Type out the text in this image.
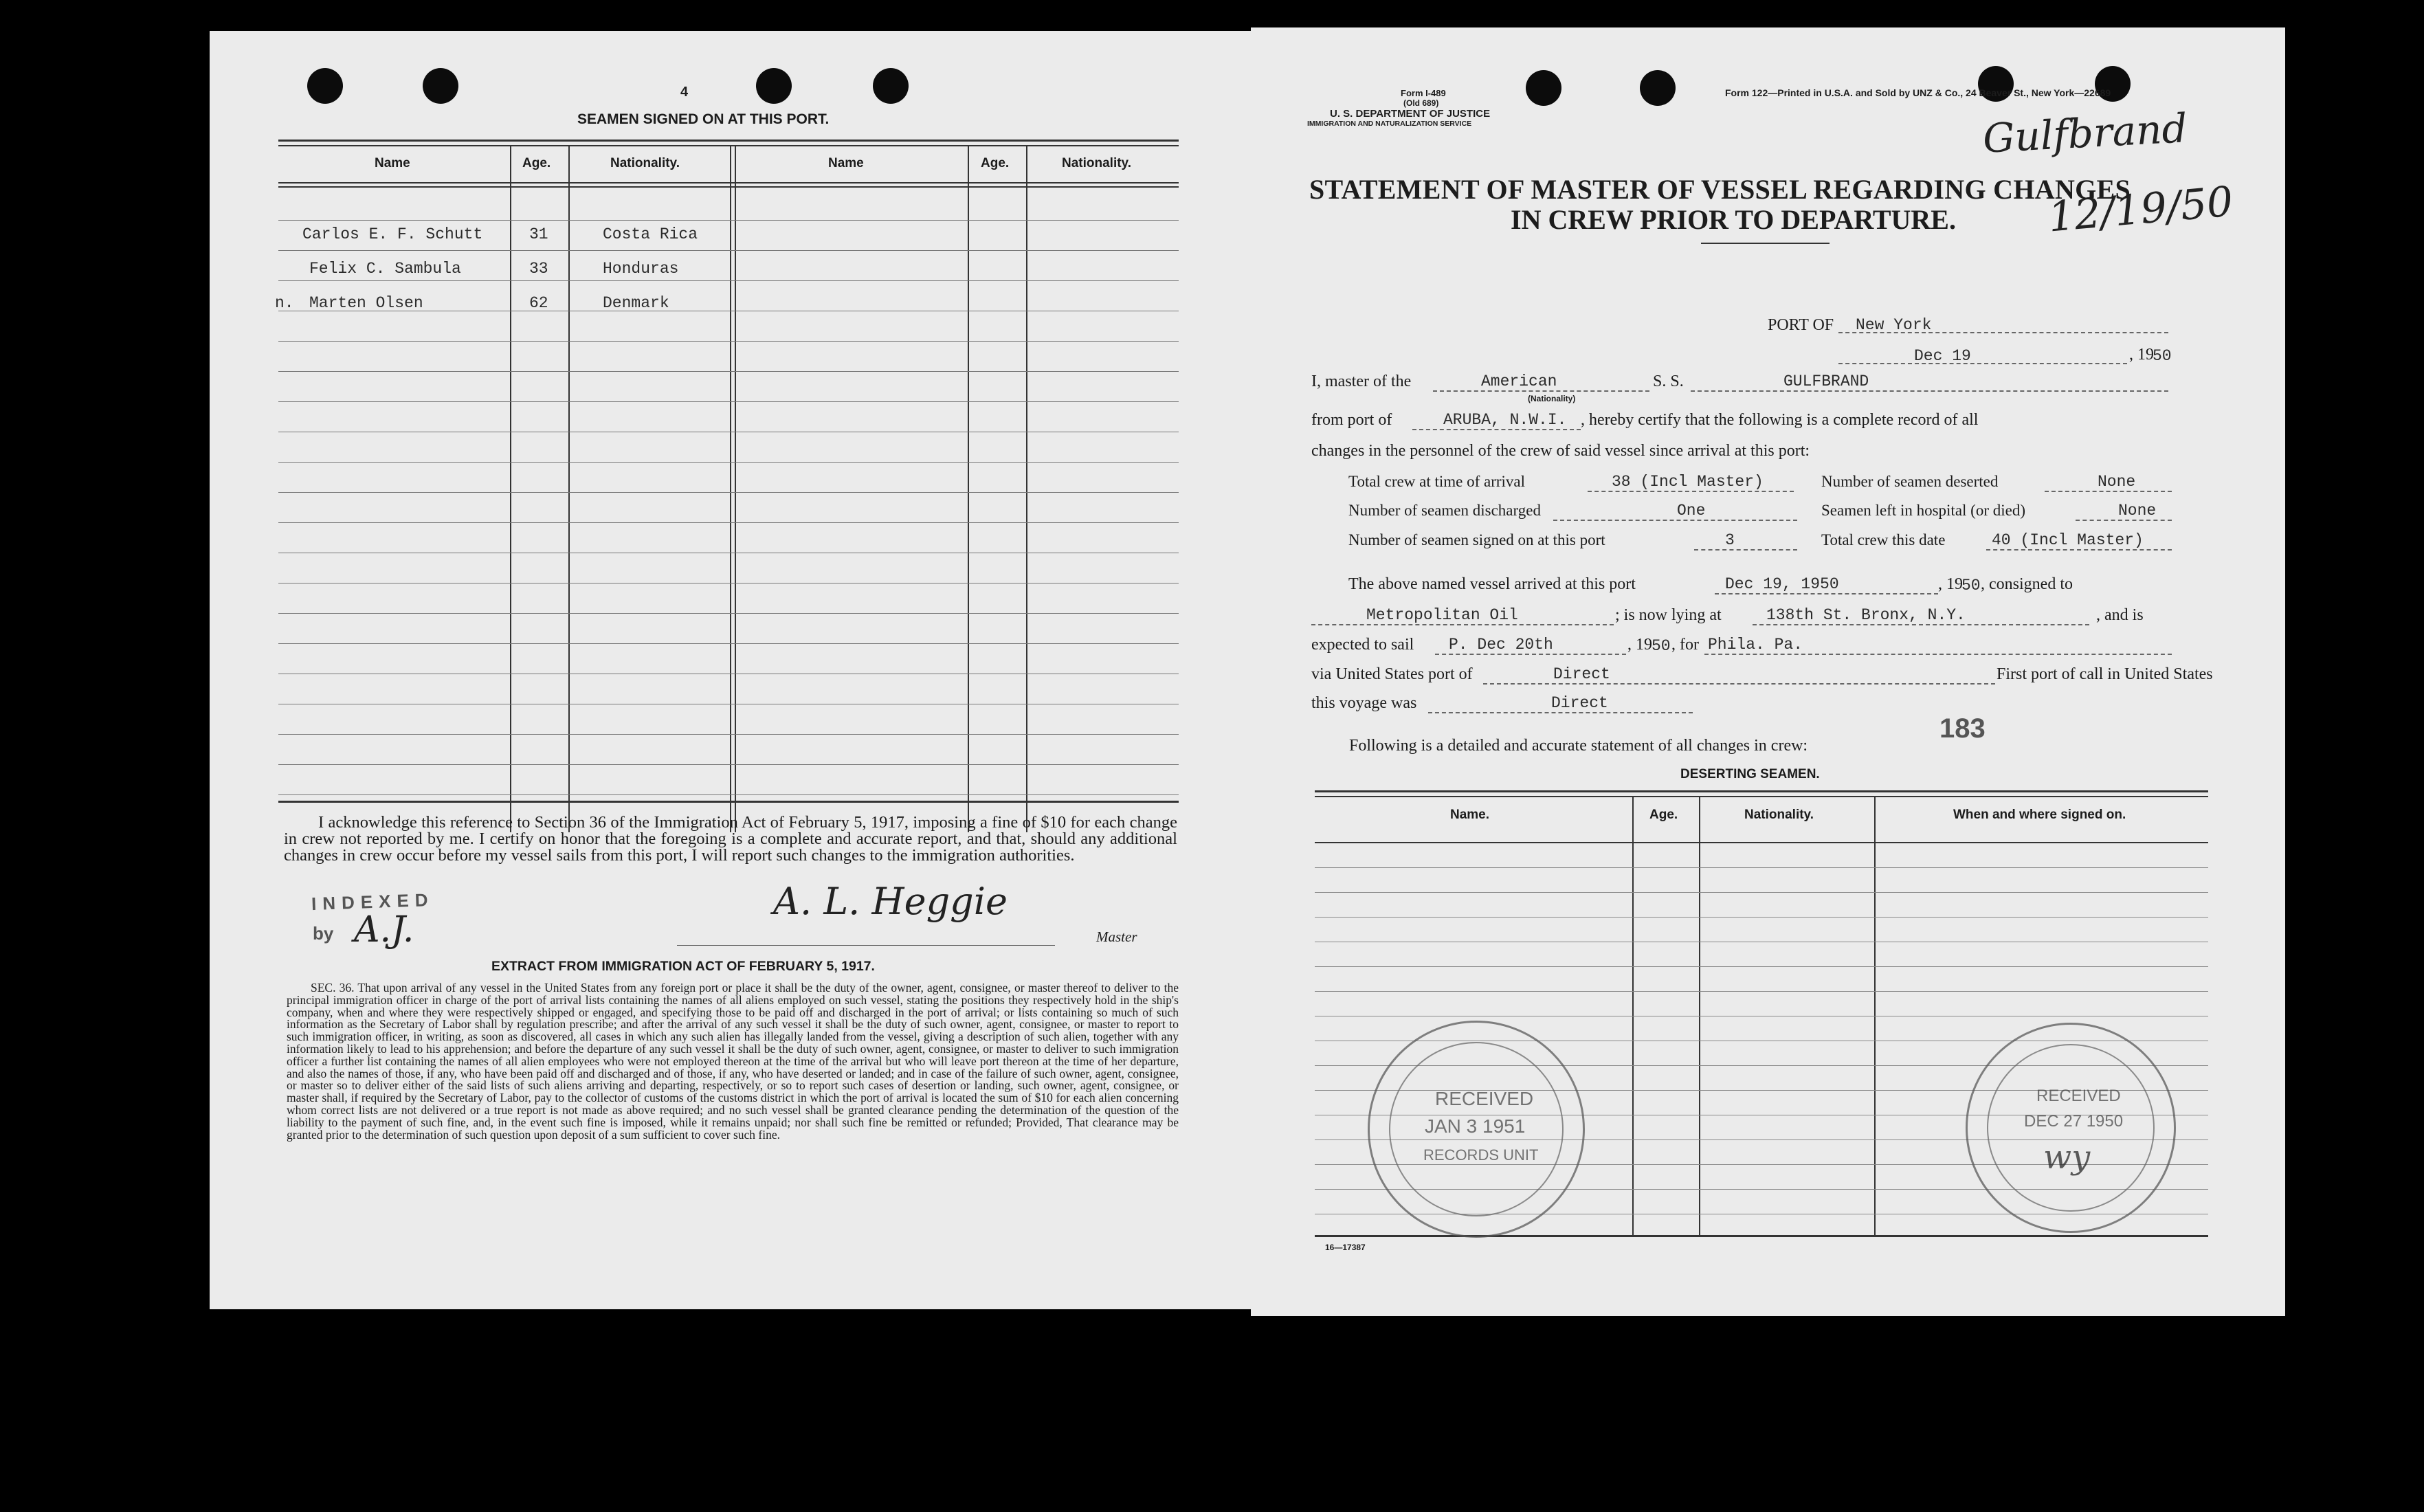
4
SEAMEN SIGNED ON AT THIS PORT.
Name	Age.	Nationality.	Name	Age.	Nationality.
Carlos E. F. Schutt	31	Costa Rica
Felix C. Sambula	33	Honduras
n. Marten Olsen	62	Denmark
I acknowledge this reference to Section 36 of the Immigration Act of February 5, 1917, imposing a fine of $10 for each change in crew not reported by me. I certify on honor that the foregoing is a complete and accurate report, and that, should any additional changes in crew occur before my vessel sails from this port, I will report such changes to the immigration authorities.
INDEXED
by A.J.
A. L. Heggie
Master
EXTRACT FROM IMMIGRATION ACT OF FEBRUARY 5, 1917.
SEC. 36. That upon arrival of any vessel in the United States from any foreign port or place it shall be the duty of the owner, agent, consignee, or master thereof to deliver to the principal immigration officer in charge of the port of arrival lists containing the names of all aliens employed on such vessel, stating the positions they respectively hold in the ship's company, when and where they were respectively shipped or engaged, and specifying those to be paid off and discharged in the port of arrival; or lists containing so much of such information as the Secretary of Labor shall by regulation prescribe; and after the arrival of any such vessel it shall be the duty of such owner, agent, consignee, or master to report to such immigration officer, in writing, as soon as discovered, all cases in which any such alien has illegally landed from the vessel, giving a description of such alien, together with any information likely to lead to his apprehension; and before the departure of any such vessel it shall be the duty of such owner, agent, consignee, or master to deliver to such immigration officer a further list containing the names of all alien employees who were not employed thereon at the time of the arrival but who will leave port thereon at the time of her departure, and also the names of those, if any, who have been paid off and discharged and of those, if any, who have deserted or landed; and in case of the failure of such owner, agent, consignee, or master so to deliver either of the said lists of such aliens arriving and departing, respectively, or so to report such cases of desertion or landing, such owner, agent, consignee, or master shall, if required by the Secretary of Labor, pay to the collector of customs of the customs district in which the port of arrival is located the sum of $10 for each alien concerning whom correct lists are not delivered or a true report is not made as above required; and no such vessel shall be granted clearance pending the determination of the question of the liability to the payment of such fine, and, in the event such fine is imposed, while it remains unpaid; nor shall such fine be remitted or refunded; Provided, That clearance may be granted prior to the determination of such question upon deposit of a sum sufficient to cover such fine.
Form I-489
(Old 689)
U. S. DEPARTMENT OF JUSTICE
IMMIGRATION AND NATURALIZATION SERVICE
Form 122—Printed in U.S.A. and Sold by UNZ & Co., 24 Beaver St., New York—22689
Gulfbrand
12/19/50
STATEMENT OF MASTER OF VESSEL REGARDING CHANGES
IN CREW PRIOR TO DEPARTURE.
PORT OF New York
Dec 19	, 19
50
I, master of the	American
(Nationality)
S. S.	GULFBRAND
from port of	ARUBA, N.W.I. , hereby certify that the following is a complete record of all
changes in the personnel of the crew of said vessel since arrival at this port:
Total crew at time of arrival	38 (Incl Master)	Number of seamen deserted	None
Number of seamen discharged	One	Seamen left in hospital (or died)	None
Number of seamen signed on at this port	3	Total crew this date	40 (Incl Master)
The above named vessel arrived at this port	Dec 19, 1950	, 19
50 , consigned to
Metropolitan Oil	; is now lying at	138th St. Bronx, N.Y.	, and is
expected to sail P. Dec 20th	, 19 50 , for Phila. Pa.
via United States port of	Direct	First port of call in United States
this voyage was	Direct
183
Following is a detailed and accurate statement of all changes in crew:
DESERTING SEAMEN.
Name.	Age.	Nationality.	When and where signed on.
RECEIVED
JAN 3 1951
RECORDS UNIT
RECEIVED
DEC 27 1950
wy
16—17387
